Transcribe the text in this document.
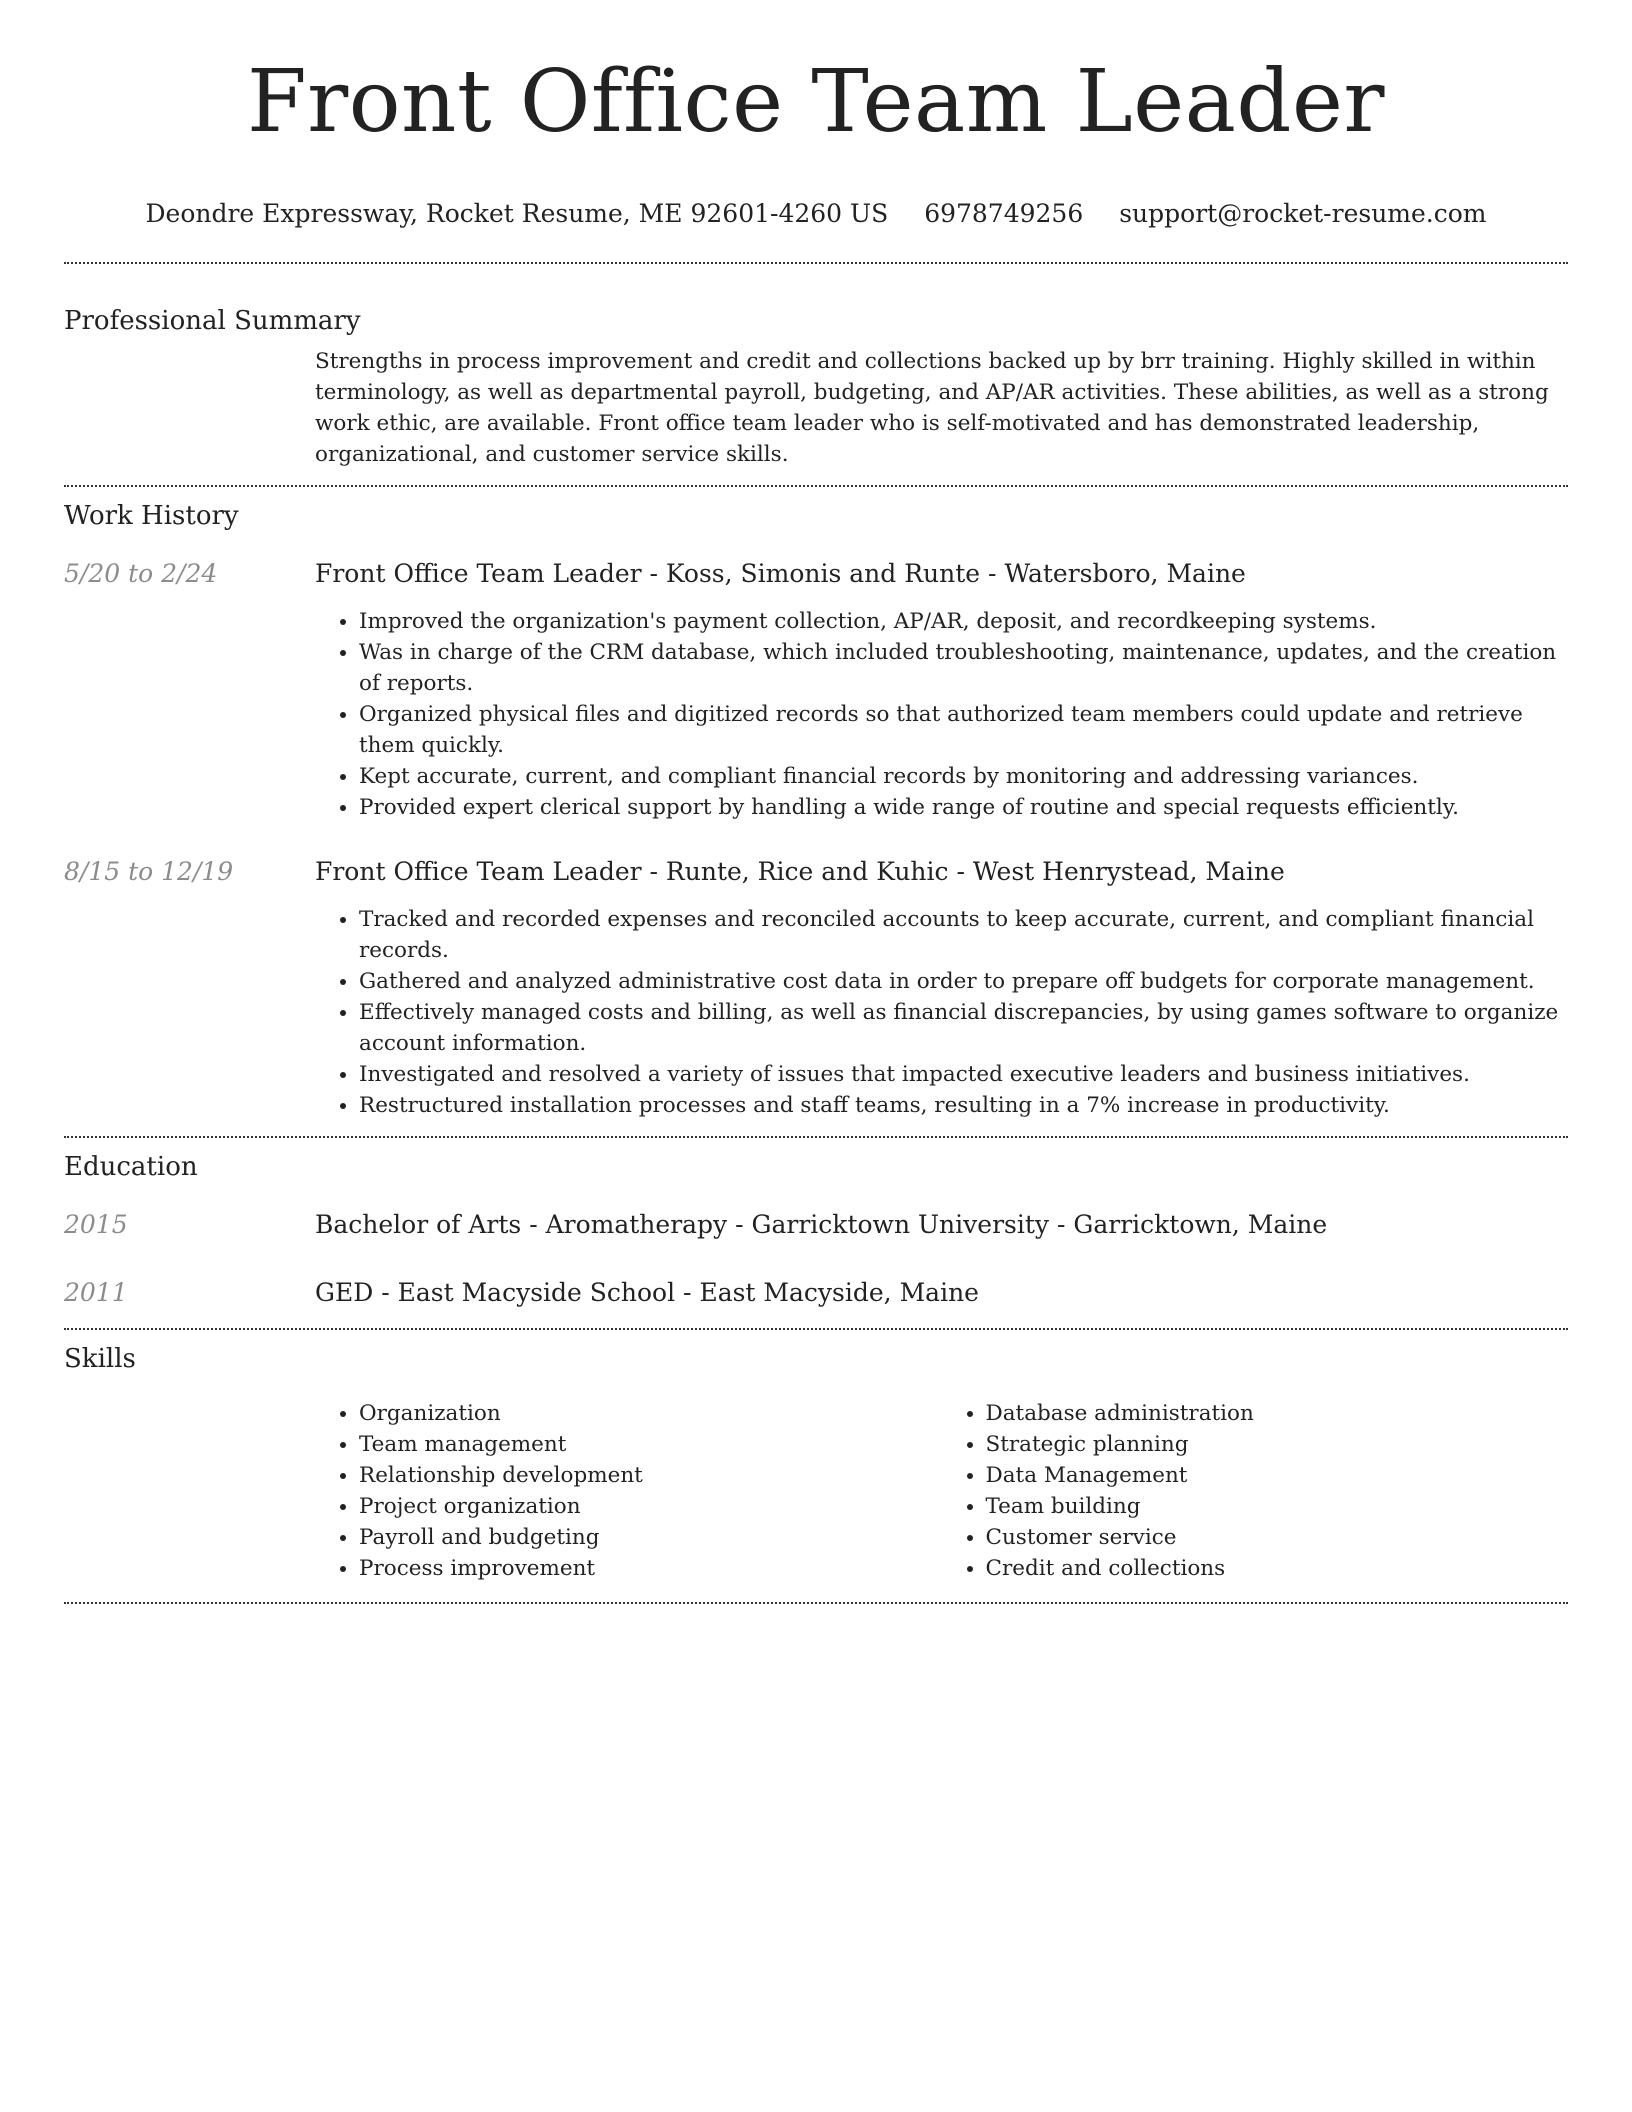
Front Office Team Leader
Deondre Expressway, Rocket Resume, ME 92601-4260 US 6978749256 support@rocket-resume.com
Professional Summary

Strengths in process improvement and credit and collections backed up by brr training. Highly skilled in within terminology, as well as departmental payroll, budgeting, and AP/AR activities. These abilities, as well as a strong work ethic, are available. Front office team leader who is self-motivated and has demonstrated leadership, organizational, and customer service skills.

Work History
5/20 to 2/24	Front Office Team Leader - Koss, Simonis and Runte - Watersboro, Maine

• Improved the organization's payment collection, AP/AR, deposit, and recordkeeping systems.
• Was in charge of the CRM database, which included troubleshooting, maintenance, updates, and the creation of reports.
• Organized physical files and digitized records so that authorized team members could update and retrieve them quickly.
• Kept accurate, current, and compliant financial records by monitoring and addressing variances.
• Provided expert clerical support by handling a wide range of routine and special requests efficiently.
8/15 to 12/19	Front Office Team Leader - Runte, Rice and Kuhic - West Henrystead, Maine

• Tracked and recorded expenses and reconciled accounts to keep accurate, current, and compliant financial records.
• Gathered and analyzed administrative cost data in order to prepare off budgets for corporate management.
• Effectively managed costs and billing, as well as financial discrepancies, by using games software to organize account information.
• Investigated and resolved a variety of issues that impacted executive leaders and business initiatives.
• Restructured installation processes and staff teams, resulting in a 7% increase in productivity.
Education
2015	Bachelor of Arts - Aromatherapy - Garricktown University - Garricktown, Maine
2011	GED - East Macyside School - East Macyside, Maine
Skills
• Organization
• Team management
• Relationship development
• Project organization
• Payroll and budgeting
• Process improvement
• Database administration
• Strategic planning
• Data Management
• Team building
• Customer service
• Credit and collections
